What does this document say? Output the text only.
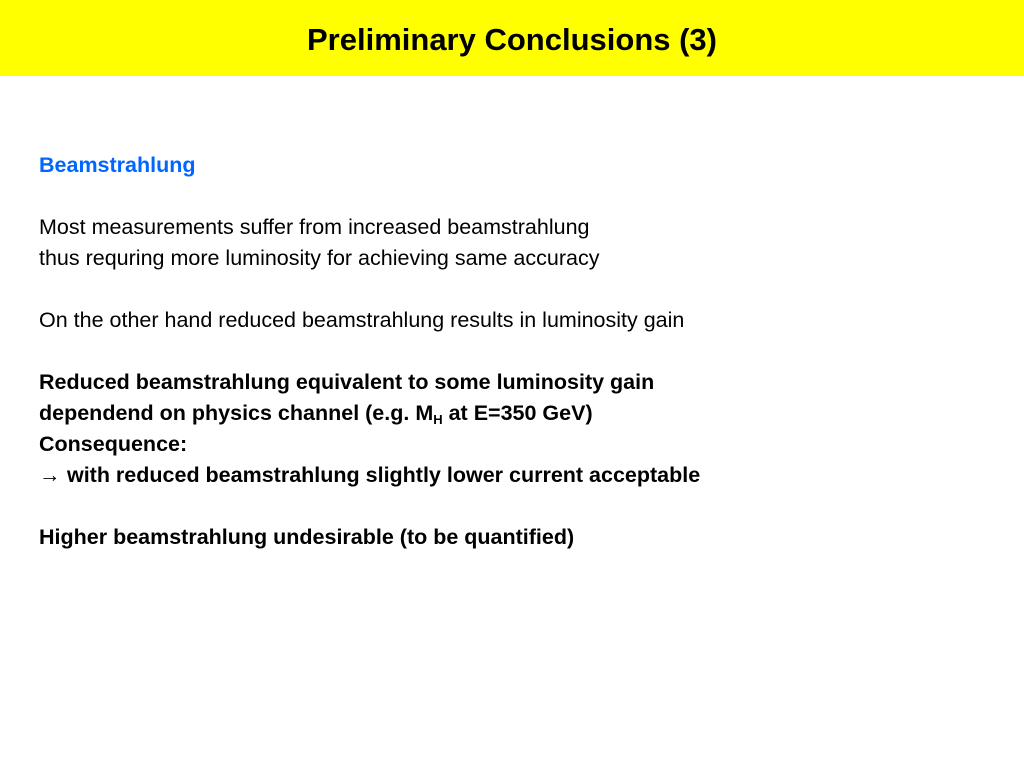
Preliminary Conclusions (3)

Beamstrahlung

Most measurements suffer from increased beamstrahlung

thus requring more luminosity for achieving same accuracy

On the other hand reduced beamstrahlung results in luminosity gain

Reduced beamstrahlung equivalent to some luminosity gain

dependend on physics channel (e.g. $M_H$ at E=350 GeV)

Consequence:

→ with reduced beamstrahlung slightly lower current acceptable

Higher beamstrahlung undesirable (to be quantified)
